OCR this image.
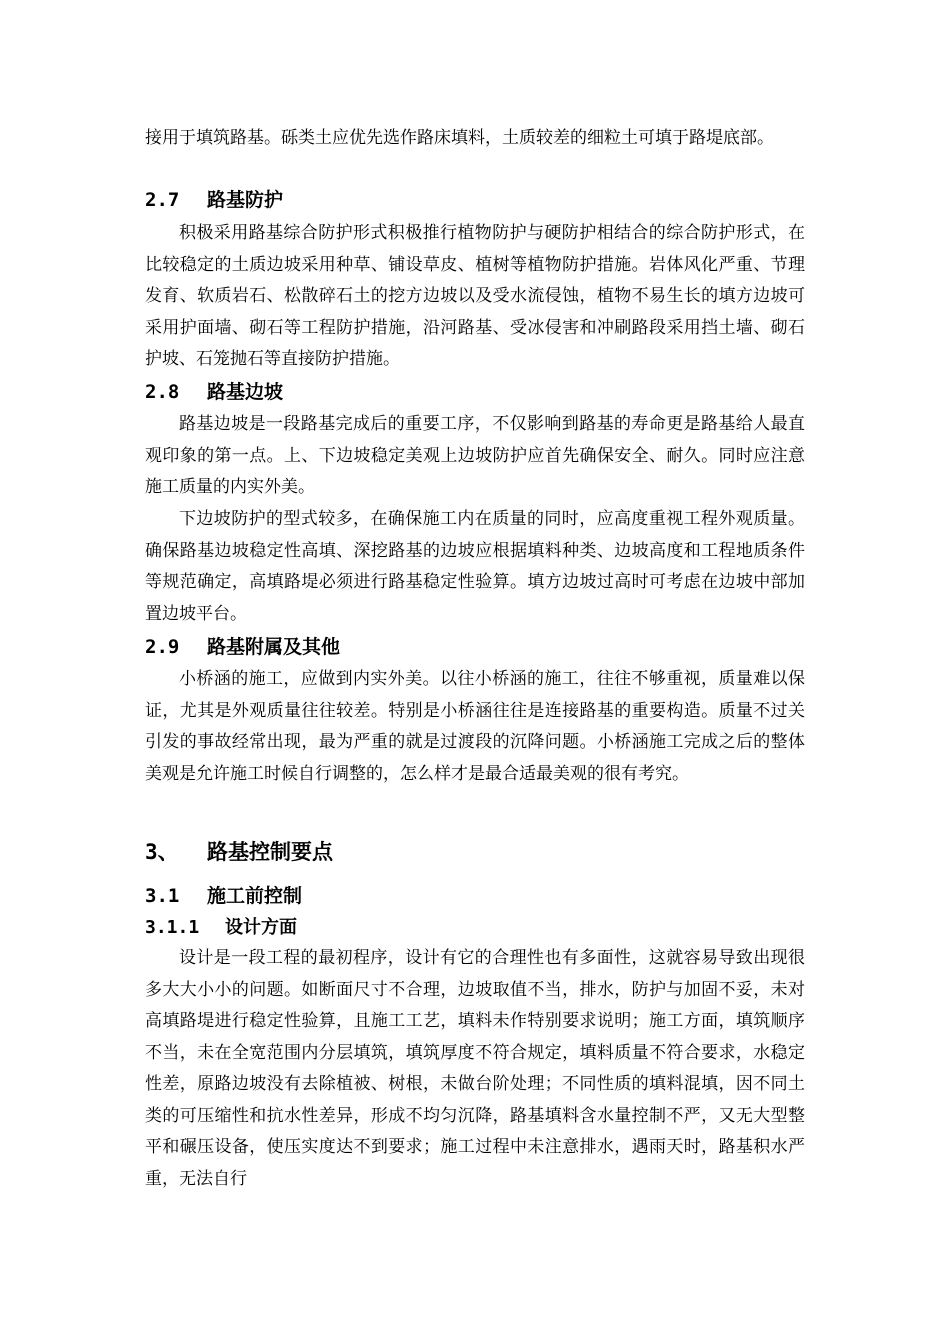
接用于填筑路基。砾类土应优先选作路床填料，土质较差的细粒土可填于路堤底部。

2.7 路基防护

积极采用路基综合防护形式积极推行植物防护与硬防护相结合的综合防护形式，在比较稳定的土质边坡采用种草、铺设草皮、植树等植物防护措施。岩体风化严重、节理发育、软质岩石、松散碎石土的挖方边坡以及受水流侵蚀，植物不易生长的填方边坡可采用护面墙、砌石等工程防护措施，沿河路基、受冰侵害和冲刷路段采用挡土墙、砌石护坡、石笼抛石等直接防护措施。

2.8 路基边坡

路基边坡是一段路基完成后的重要工序，不仅影响到路基的寿命更是路基给人最直观印象的第一点。上、下边坡稳定美观上边坡防护应首先确保安全、耐久。同时应注意施工质量的内实外美。

下边坡防护的型式较多，在确保施工内在质量的同时，应高度重视工程外观质量。确保路基边坡稳定性高填、深挖路基的边坡应根据填料种类、边坡高度和工程地质条件等规范确定，高填路堤必须进行路基稳定性验算。填方边坡过高时可考虑在边坡中部加置边坡平台。

2.9 路基附属及其他

小桥涵的施工，应做到内实外美。以往小桥涵的施工，往往不够重视，质量难以保证，尤其是外观质量往往较差。特别是小桥涵往往是连接路基的重要构造。质量不过关引发的事故经常出现，最为严重的就是过渡段的沉降问题。小桥涵施工完成之后的整体美观是允许施工时候自行调整的，怎么样才是最合适最美观的很有考究。

3、 路基控制要点
3.1 施工前控制
3.1.1 设计方面

设计是一段工程的最初程序，设计有它的合理性也有多面性，这就容易导致出现很多大大小小的问题。如断面尺寸不合理，边坡取值不当，排水，防护与加固不妥，未对高填路堤进行稳定性验算，且施工工艺，填料未作特别要求说明；施工方面，填筑顺序不当，未在全宽范围内分层填筑，填筑厚度不符合规定，填料质量不符合要求，水稳定性差，原路边坡没有去除植被、树根，未做台阶处理；不同性质的填料混填，因不同土类的可压缩性和抗水性差异，形成不均匀沉降，路基填料含水量控制不严，又无大型整平和碾压设备，使压实度达不到要求；施工过程中未注意排水，遇雨天时，路基积水严重，无法自行
